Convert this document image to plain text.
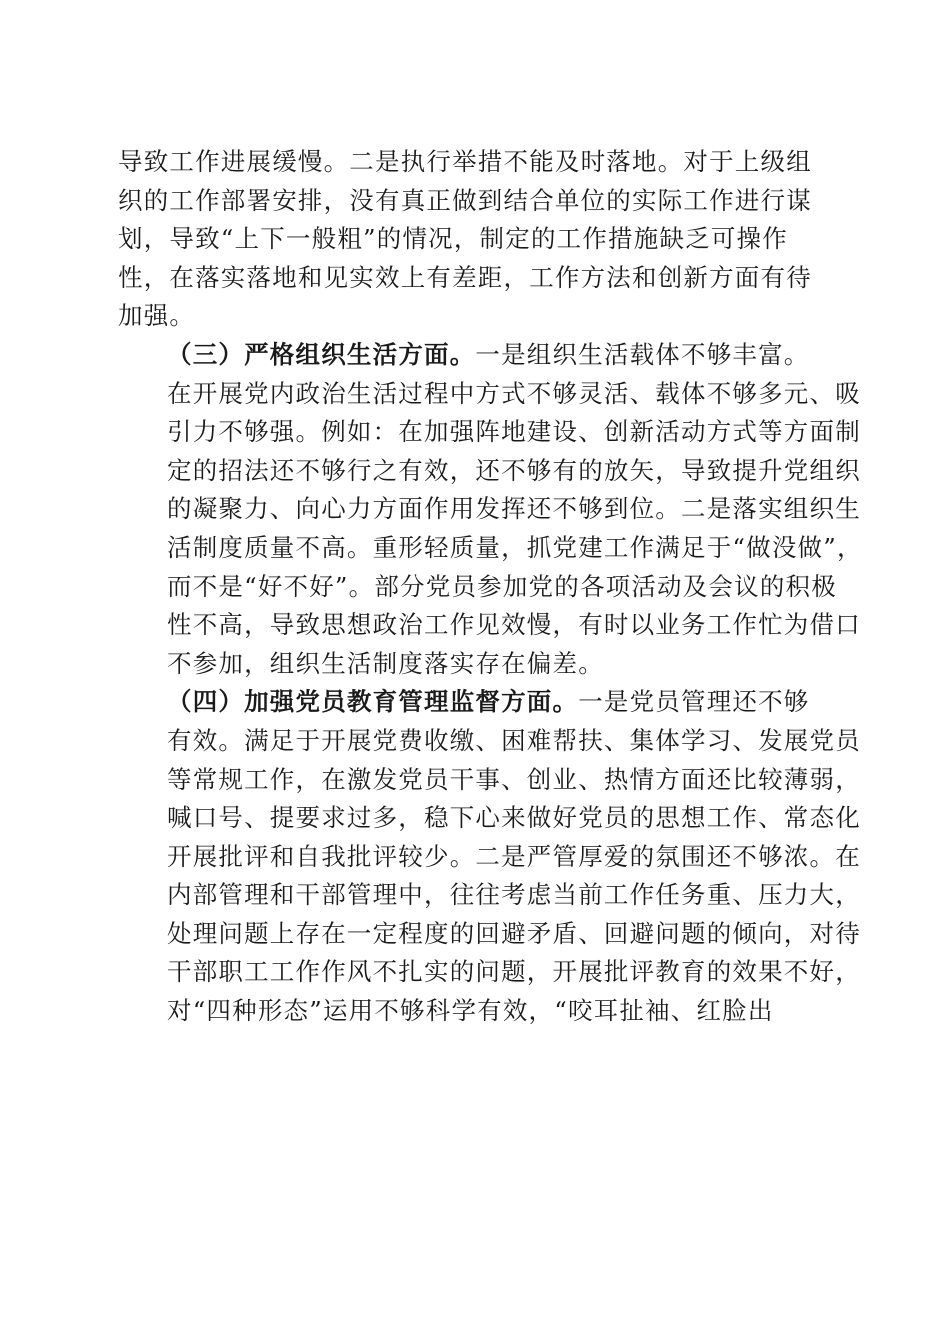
导致工作进展缓慢。二是执行举措不能及时落地。对于上级组
织的工作部署安排，没有真正做到结合单位的实际工作进行谋
划，导致“上下一般粗”的情况，制定的工作措施缺乏可操作
性，在落实落地和见实效上有差距，工作方法和创新方面有待
加强。

（三）严格组织生活方面。一是组织生活载体不够丰富。
在开展党内政治生活过程中方式不够灵活、载体不够多元、吸
引力不够强。例如：在加强阵地建设、创新活动方式等方面制
定的招法还不够行之有效，还不够有的放矢，导致提升党组织
的凝聚力、向心力方面作用发挥还不够到位。二是落实组织生
活制度质量不高。重形轻质量，抓党建工作满足于“做没做”，
而不是“好不好”。部分党员参加党的各项活动及会议的积极
性不高，导致思想政治工作见效慢，有时以业务工作忙为借口
不参加，组织生活制度落实存在偏差。

（四）加强党员教育管理监督方面。一是党员管理还不够
有效。满足于开展党费收缴、困难帮扶、集体学习、发展党员
等常规工作，在激发党员干事、创业、热情方面还比较薄弱，
喊口号、提要求过多，稳下心来做好党员的思想工作、常态化
开展批评和自我批评较少。二是严管厚爱的氛围还不够浓。在
内部管理和干部管理中，往往考虑当前工作任务重、压力大，
处理问题上存在一定程度的回避矛盾、回避问题的倾向，对待
干部职工工作作风不扎实的问题，开展批评教育的效果不好，
对“四种形态”运用不够科学有效，“咬耳扯袖、红脸出
